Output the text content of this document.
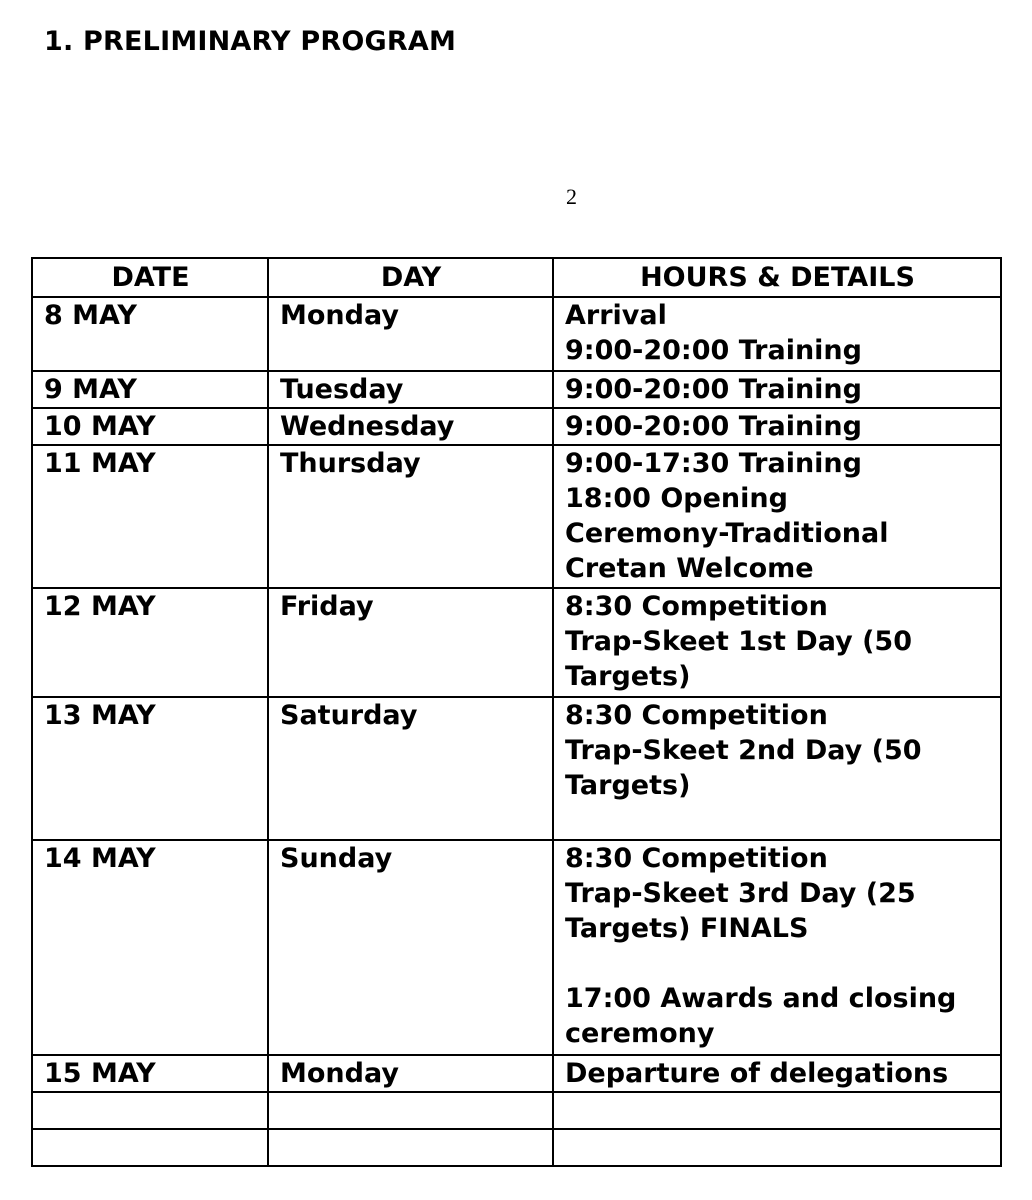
1. PRELIMINARY PROGRAM
2
DATE	DAY	HOURS & DETAILS
8 MAY	Monday	Arrival
9:00-20:00 Training

9 MAY	Tuesday	9:00-20:00 Training

10 MAY	Wednesday	9:00-20:00 Training

11 MAY	Thursday	9:00-17:30 Training
18:00 Opening
Ceremony-Traditional
Cretan Welcome

12 MAY	Friday	8:30 Competition
Trap-Skeet 1st Day (50
Targets)

13 MAY	Saturday	8:30 Competition
Trap-Skeet 2nd Day (50
Targets)

14 MAY	Sunday	8:30 Competition
Trap-Skeet 3rd Day (25
Targets) FINALS
17:00 Awards and closing
ceremony

15 MAY	Monday	Departure of delegations
